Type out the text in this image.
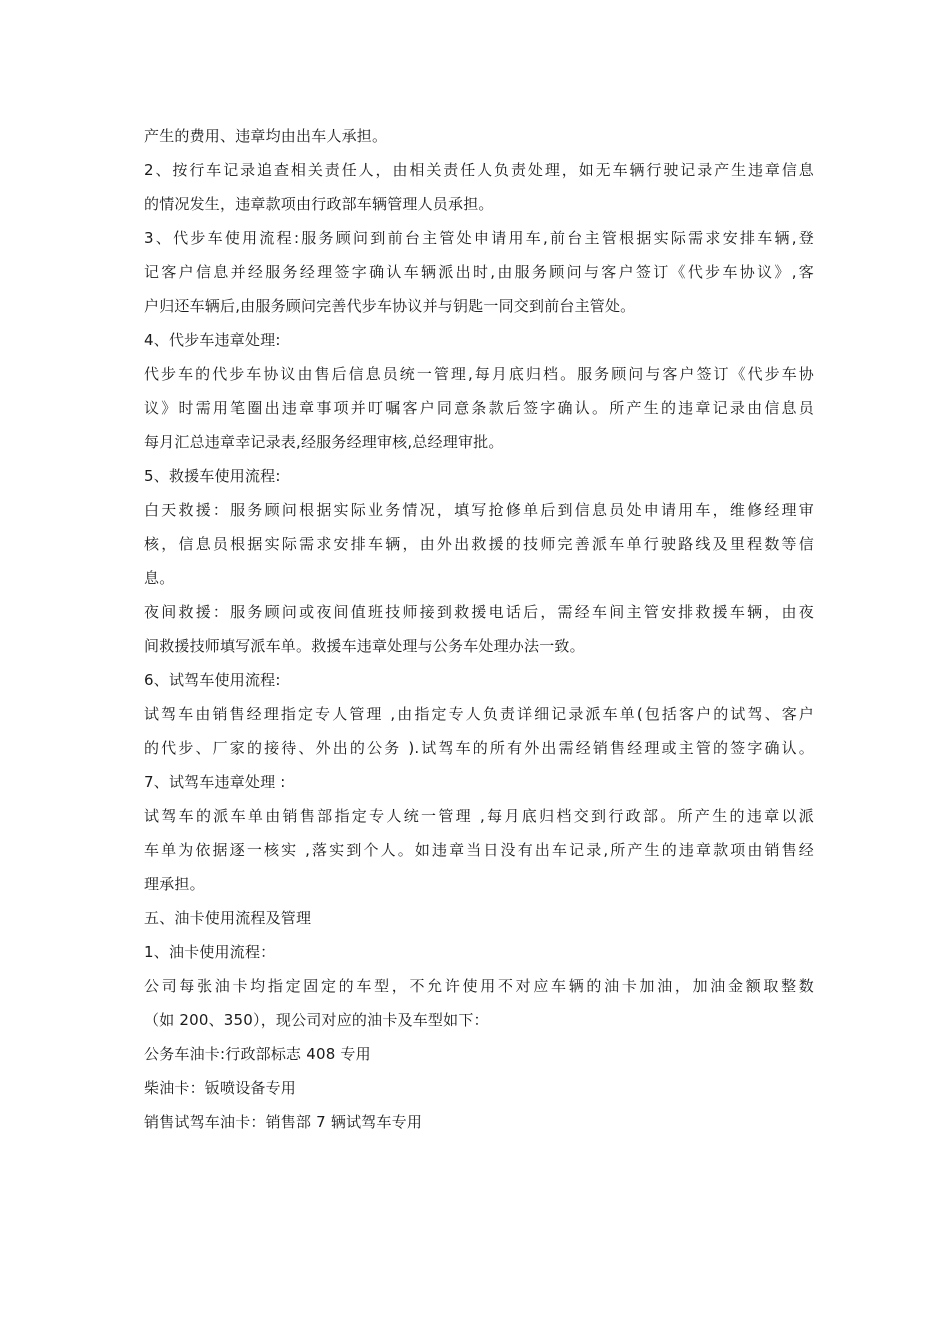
产生的费用、违章均由出车人承担。
2、按行车记录追查相关责任人，由相关责任人负责处理，如无车辆行驶记录产生违章信息
的情况发生，违章款项由行政部车辆管理人员承担。
3、代步车使用流程:服务顾问到前台主管处申请用车,前台主管根据实际需求安排车辆,登
记客户信息并经服务经理签字确认车辆派出时,由服务顾问与客户签订《代步车协议》,客
户归还车辆后,由服务顾问完善代步车协议并与钥匙一同交到前台主管处。
4、代步车违章处理:
代步车的代步车协议由售后信息员统一管理,每月底归档。服务顾问与客户签订《代步车协
议》时需用笔圈出违章事项并叮嘱客户同意条款后签字确认。所产生的违章记录由信息员
每月汇总违章幸记录表,经服务经理审核,总经理审批。
5、救援车使用流程:
白天救援：服务顾问根据实际业务情况，填写抢修单后到信息员处申请用车，维修经理审
核，信息员根据实际需求安排车辆，由外出救援的技师完善派车单行驶路线及里程数等信
息。
夜间救援：服务顾问或夜间值班技师接到救援电话后，需经车间主管安排救援车辆，由夜
间救援技师填写派车单。救援车违章处理与公务车处理办法一致。
6、试驾车使用流程:
试驾车由销售经理指定专人管理 ,由指定专人负责详细记录派车单(包括客户的试驾、客户
的代步、厂家的接待、外出的公务 ).试驾车的所有外出需经销售经理或主管的签字确认。
7、试驾车违章处理 :
试驾车的派车单由销售部指定专人统一管理 ,每月底归档交到行政部。所产生的违章以派
车单为依据逐一核实 ,落实到个人。如违章当日没有出车记录,所产生的违章款项由销售经
理承担。
五、油卡使用流程及管理
1、油卡使用流程：
公司每张油卡均指定固定的车型，不允许使用不对应车辆的油卡加油，加油金额取整数
（如 200、350），现公司对应的油卡及车型如下：
公务车油卡:行政部标志 408 专用
柴油卡：钣喷设备专用
销售试驾车油卡：销售部 7 辆试驾车专用
